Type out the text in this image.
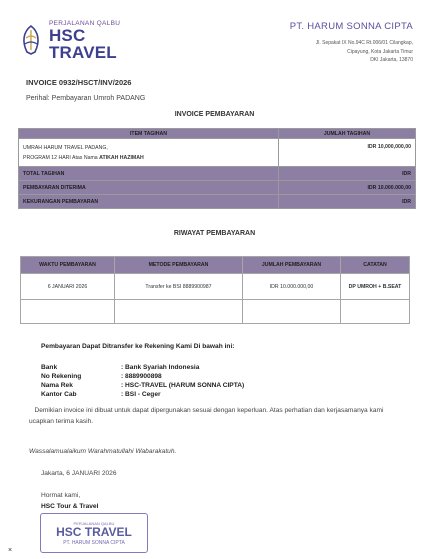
PERJALANAN QALBU
HSC TRAVEL
PT. HARUM SONNA CIPTA
Jl. Sepakat IX No.94C Rt.006/01 Cilangkap,
Cipayung, Kota Jakarta Timur
DKI Jakarta, 13870
INVOICE 0932/HSCT/INV/2026
Perihal: Pembayaran Umroh PADANG
INVOICE PEMBAYARAN
ITEM TAGIHAN	JUMLAH TAGIHAN

UMRAH HARUM TRAVEL PADANG,
PROGRAM 12 HARI Atas Nama ATIKAH HAZIMAH	IDR 10,000,000,00
TOTAL TAGIHAN	IDR
PEMBAYARAN DITERIMA	IDR 10.000.000,00
KEKURANGAN PEMBAYARAN	IDR
RIWAYAT PEMBAYARAN
WAKTU PEMBAYARAN	METODE PEMBAYARAN	JUMLAH PEMBAYARAN	CATATAN
6 JANUARI 2026	Transfer ke BSI 8889900987	IDR 10.000.000,00	DP UMROH + B.SEAT

Pembayaran Dapat Ditransfer ke Rekening Kami Di bawah ini:
Bank	: Bank Syariah Indonesia
No Rekening	: 8889900898
Nama Rek	: HSC-TRAVEL (HARUM SONNA CIPTA)
Kantor Cab	: BSI - Ceger
Demikian invoice ini dibuat untuk dapat dipergunakan sesuai dengan keperluan. Atas perhatian dan kerjasamanya kami ucapkan terima kasih.
Wassalamualaikum Warahmatullahi Wabarakatuh.
Jakarta, 6 JANUARI 2026
Hormat kami,
HSC Tour & Travel
PERJALANAN QALBU
HSC TRAVEL
PT. HARUM SONNA CIPTA
×
